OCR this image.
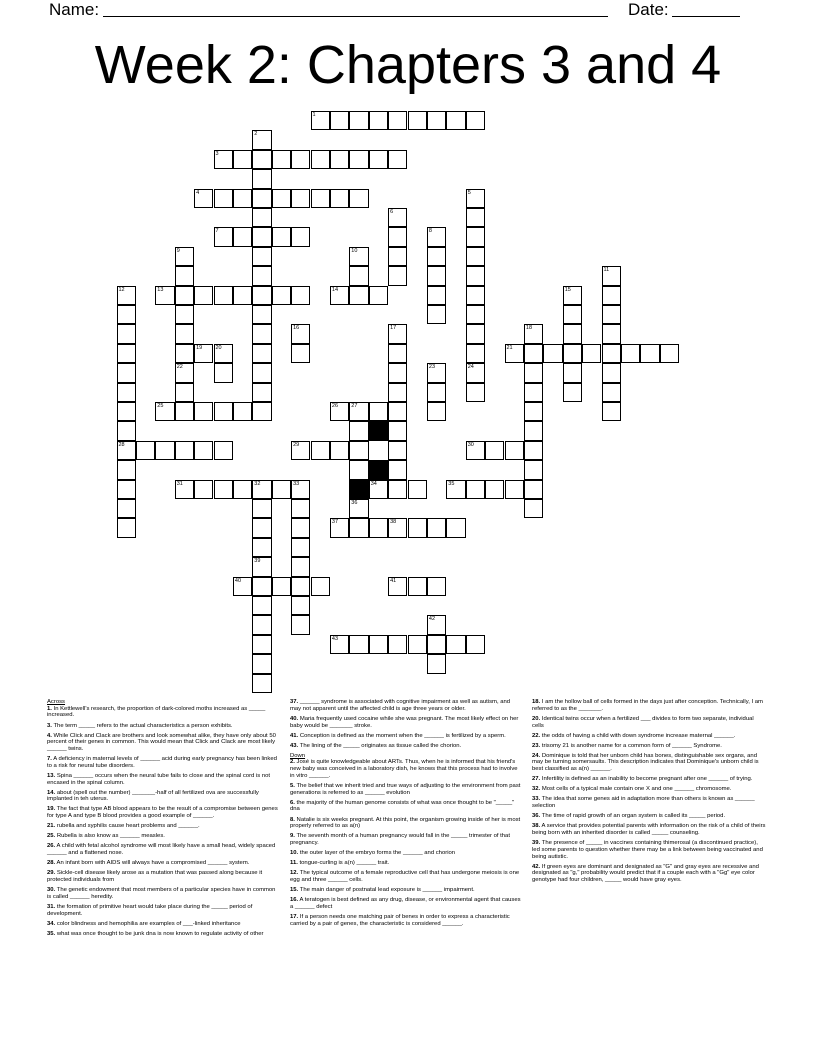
Name:	Date:
Week 2: Chapters 3 and 4
1
2
3
4	5
6
7	8
9	10
11
12
28
13	14	15
16	17	18
19 20	21
22	23	24
25	26 27
36
29	30
31	32
39
33	34	35
37	38
40	41
42
43
Across
1. In Kettlewell's research, the proportion of dark-colored moths increased as _____ increased.
3. The term _____ refers to the actual characteristics a person exhibits.
4. While Click and Clack are brothers and look somewhat alike, they have only about 50 percent of their genes in common. This would mean that Click and Clack are most likely ______ twins.
7. A deficiency in maternal levels of ______ acid during early pregnancy has been linked to a risk for neural tube disorders.
13. Spina ______ occurs when the neural tube fails to close and the spinal cord is not encased in the spinal column.
14. about (spell out the number) _______-half of all fertilized ova are successfully implanted in teh uterus.
19. The fact that type AB blood appears to be the result of a compromise between genes for type A and type B blood provides a good example of ______.
21. rubella and syphilis cause heart problems and ______.
25. Rubella is also know as ______ measles.
26. A child with fetal alcohol syndrome will most likely have a small head, widely spaced ______ and a flattened nose.
28. An infant born with AIDS will always have a compromised ______ system.
29. Sickle-cell disease likely arose as a mutation that was passed along because it protected individuals from
30. The genetic endowment that most members of a particular species have in common is called ______ heredity.
31. the formation of primitive heart would take place during the _____ period of development.
34. color blindness and hemophilia are examples of ___-linked inheritance
35. what was once thought to be junk dna is now known to regulate activity of other
37. ______ syndrome is associated with cognitive impairment as well as autism, and may not apparent until the affected child is age three years or older.
40. Maria frequently used cocaine while she was pregnant. The most likely effect on her baby would be _______ stroke.
41. Conception is defined as the moment when the ______ is fertilized by a sperm.
43. The lining of the _____ originates as tissue called the chorion.
Down
2. José is quite knowledgeable about ARTs. Thus, when he is informed that his friend's new baby was conceived in a laboratory dish, he knows that this process had to involve in vitro ______.
5. The belief that we inherit tried and true ways of adjusting to the environment from past generations is referred to as ______ evolution
6. the majority of the human genome consists of what was once thought to be "_____" dna
8. Natalie is six weeks pregnant. At this point, the organism growing inside of her is most properly referred to as a(n)
9. The seventh month of a human pregnancy would fall in the _____ trimester of that pregnancy.
10. the outer layer of the embryo forms the ______ and chorion
11. tongue-curling is a(n) ______ trait.
12. The typical outcome of a female reproductive cell that has undergone meiosis is one egg and three ______ cells.
15. The main danger of postnatal lead exposure is ______ impairment.
16. A teratogen is best defined as any drug, disease, or environmental agent that causes a ______ defect
17. If a person needs one matching pair of benes in order to express a characteristic carried by a pair of genes, the characteristic is considered ______.
18. I am the hollow ball of cells formed in the days just after conception. Technically, I am referred to as the _______.
20. Identical twins occur when a fertilized ___ divides to form two separate, individual cells
22. the odds of having a child with down syndrome increase maternal ______.
23. trisomy 21 is another name for a common form of ______ Syndrome.
24. Dominique is told that her unborn child has bones, distinguishable sex organs, and may be turning somersaults. This description indicates that Dominique's unborn child is best classified as a(n) ______.
27. Infertility is defined as an inability to become pregnant after one ______ of trying.
32. Most cells of a typical male contain one X and one ______ chromosome.
33. The idea that some genes aid in adaptation more than others is known as ______ selection
36. The time of rapid growth of an organ system is called its _____ period.
38. A service that provides potential parents with information on the risk of a child of theirs being born with an inherited disorder is called _____ counseling.
39. The presence of _____ in vaccines containing thimerosal (a discontinued practice), led some parents to question whether there may be a link between being vaccinated and being autistic.
42. If green eyes are dominant and designated as "G" and gray eyes are recessive and designated as "g," probability would predict that if a couple each with a "Gg" eye color genotype had four children, _____ would have gray eyes.
